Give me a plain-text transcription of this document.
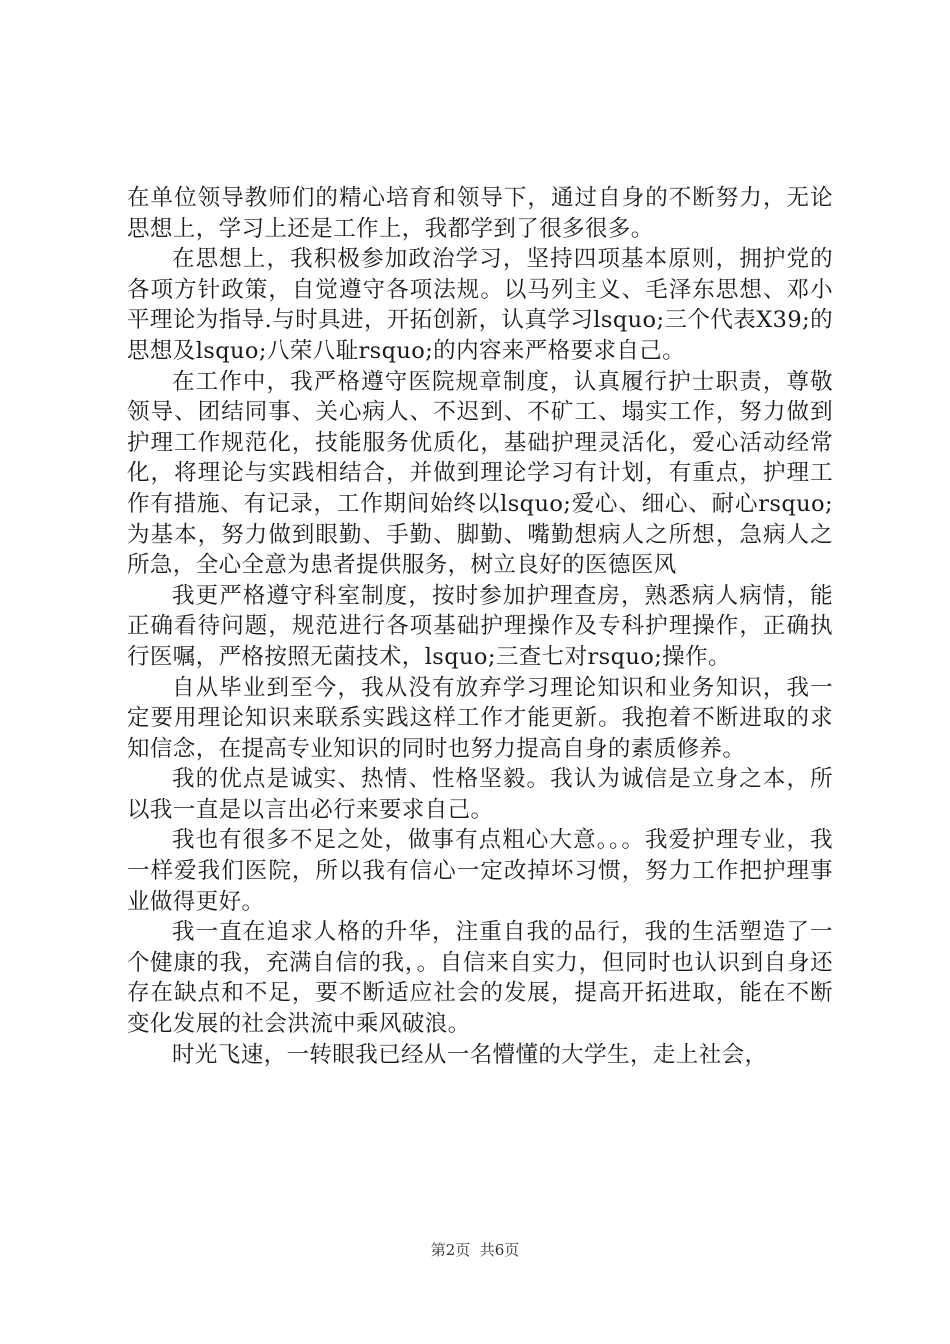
在单位领导教师们的精心培育和领导下，通过自身的不断努力，无论思想上，学习上还是工作上，我都学到了很多很多。

在思想上，我积极参加政治学习，坚持四项基本原则，拥护党的各项方针政策，自觉遵守各项法规。以马列主义、毛泽东思想、邓小平理论为指导.与时具进，开拓创新，认真学习lsquo;三个代表X39;的思想及lsquo;八荣八耻rsquo;的内容来严格要求自己。

在工作中，我严格遵守医院规章制度，认真履行护士职责，尊敬领导、团结同事、关心病人、不迟到、不矿工、塌实工作，努力做到护理工作规范化，技能服务优质化，基础护理灵活化，爱心活动经常化，将理论与实践相结合，并做到理论学习有计划，有重点，护理工作有措施、有记录，工作期间始终以lsquo;爱心、细心、耐心rsquo;为基本，努力做到眼勤、手勤、脚勤、嘴勤想病人之所想，急病人之所急，全心全意为患者提供服务，树立良好的医德医风

我更严格遵守科室制度，按时参加护理查房，熟悉病人病情，能正确看待问题，规范进行各项基础护理操作及专科护理操作，正确执行医嘱，严格按照无菌技术，lsquo;三查七对rsquo;操作。

自从毕业到至今，我从没有放弃学习理论知识和业务知识，我一定要用理论知识来联系实践这样工作才能更新。我抱着不断进取的求知信念，在提高专业知识的同时也努力提高自身的素质修养。

我的优点是诚实、热情、性格坚毅。我认为诚信是立身之本，所以我一直是以言出必行来要求自己。

我也有很多不足之处，做事有点粗心大意。。。我爱护理专业，我一样爱我们医院，所以我有信心一定改掉坏习惯，努力工作把护理事业做得更好。

我一直在追求人格的升华，注重自我的品行，我的生活塑造了一个健康的我，充满自信的我，。自信来自实力，但同时也认识到自身还存在缺点和不足，要不断适应社会的发展，提高开拓进取，能在不断变化发展的社会洪流中乘风破浪。

时光飞速，一转眼我已经从一名懵懂的大学生，走上社会，

第2页  共6页
